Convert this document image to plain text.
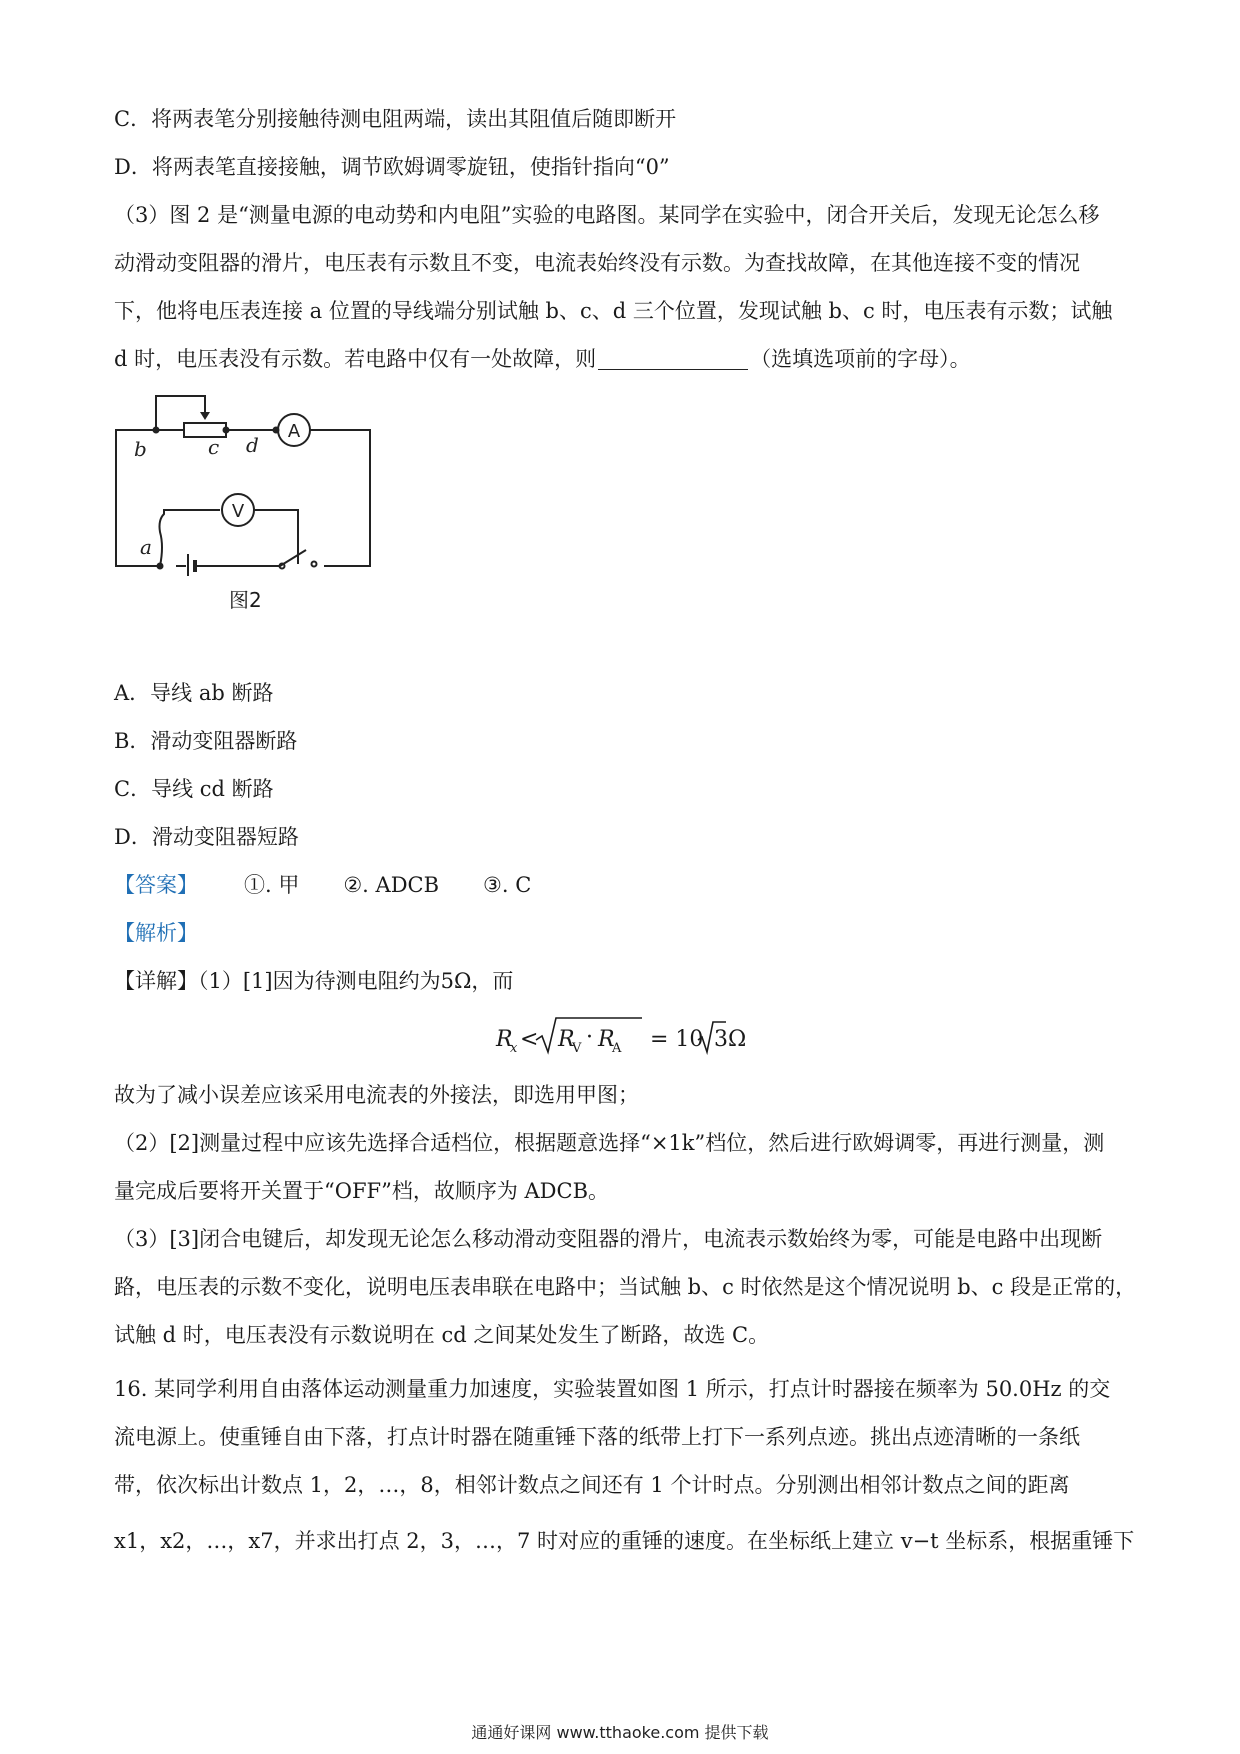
C．将两表笔分别接触待测电阻两端，读出其阻值后随即断开
D．将两表笔直接接触，调节欧姆调零旋钮，使指针指向“0”
（3）图 2 是“测量电源的电动势和内电阻”实验的电路图。某同学在实验中，闭合开关后，发现无论怎么移
动滑动变阻器的滑片，电压表有示数且不变，电流表始终没有示数。为查找故障，在其他连接不变的情况
下，他将电压表连接 a 位置的导线端分别试触 b、c、d 三个位置，发现试触 b、c 时，电压表有示数；试触
d 时，电压表没有示数。若电路中仅有一处故障，则	（选填选项前的字母）。
b	c d
a
A
V
图2
A．导线 ab 断路
B．滑动变阻器断路
C．导线 cd 断路
D．滑动变阻器短路
【答案】 ①. 甲 ②. ADCB ③. C
【解析】
【详解】（1）[1]因为待测电阻约为5Ω，而
R
x < R
V · R
A = 10 3Ω
故为了减小误差应该采用电流表的外接法，即选用甲图；
（2）[2]测量过程中应该先选择合适档位，根据题意选择“×1k”档位，然后进行欧姆调零，再进行测量，测
量完成后要将开关置于“OFF”档，故顺序为 ADCB。
（3）[3]闭合电键后，却发现无论怎么移动滑动变阻器的滑片，电流表示数始终为零，可能是电路中出现断
路，电压表的示数不变化，说明电压表串联在电路中；当试触 b、c 时依然是这个情况说明 b、c 段是正常的，
试触 d 时，电压表没有示数说明在 cd 之间某处发生了断路，故选 C。
16. 某同学利用自由落体运动测量重力加速度，实验装置如图 1 所示，打点计时器接在频率为 50.0Hz 的交
流电源上。使重锤自由下落，打点计时器在随重锤下落的纸带上打下一系列点迹。挑出点迹清晰的一条纸
带，依次标出计数点 1，2，…，8，相邻计数点之间还有 1 个计时点。分别测出相邻计数点之间的距离
x1，x2，…，x7，并求出打点 2，3，…，7 时对应的重锤的速度。在坐标纸上建立 v−t 坐标系，根据重锤下
通通好课网 www.tthaoke.com 提供下载
